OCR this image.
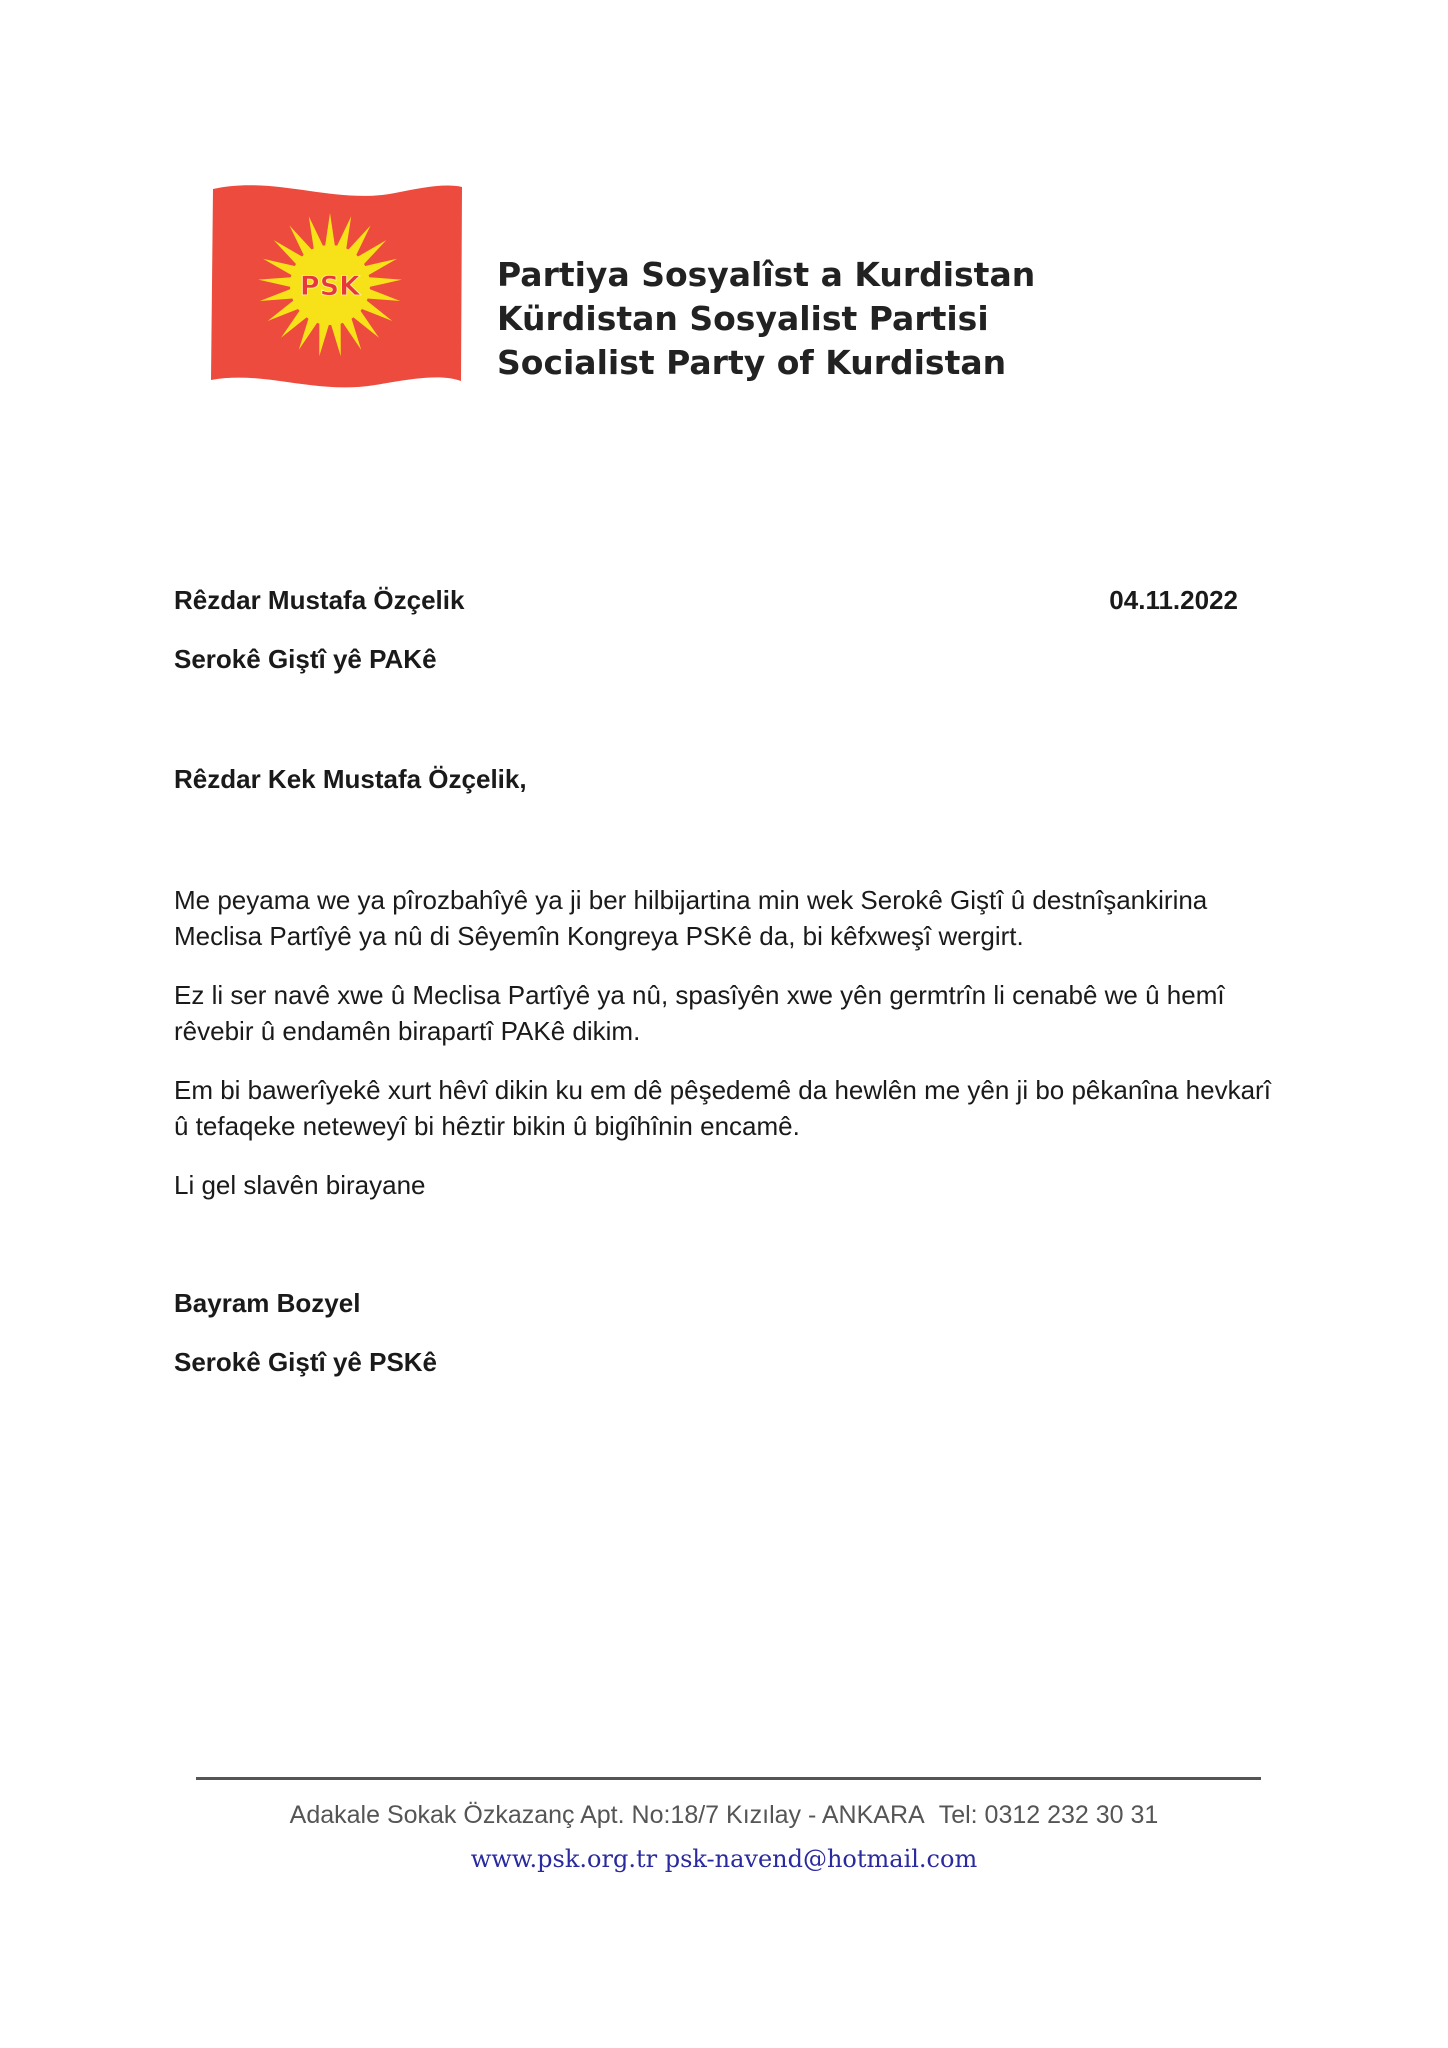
PSK	Partiya Sosyalîst a Kurdistan
Kürdistan Sosyalist Partisi
Socialist Party of Kurdistan
Rêzdar Mustafa Özçelik	04.11.2022
Serokê Giştî yê PAKê
Rêzdar Kek Mustafa Özçelik,

Me peyama we ya pîrozbahîyê ya ji ber hilbijartina min wek Serokê Giştî û destnîşankirina Meclisa Partîyê ya nû di Sêyemîn Kongreya PSKê da, bi kêfxweşî wergirt.

Ez li ser navê xwe û Meclisa Partîyê ya nû, spasîyên xwe yên germtrîn li cenabê we û hemî rêvebir û endamên birapartî PAKê dikim.

Em bi bawerîyekê xurt hêvî dikin ku em dê pêşedemê da hewlên me yên ji bo pêkanîna hevkarî û tefaqeke neteweyî bi hêztir bikin û bigîhînin encamê.

Li gel slavên birayane

Bayram Bozyel
Serokê Giştî yê PSKê
Adakale Sokak Özkazanç Apt. No:18/7 Kızılay - ANKARA Tel: 0312 232 30 31
www.psk.org.tr psk-navend@hotmail.com
